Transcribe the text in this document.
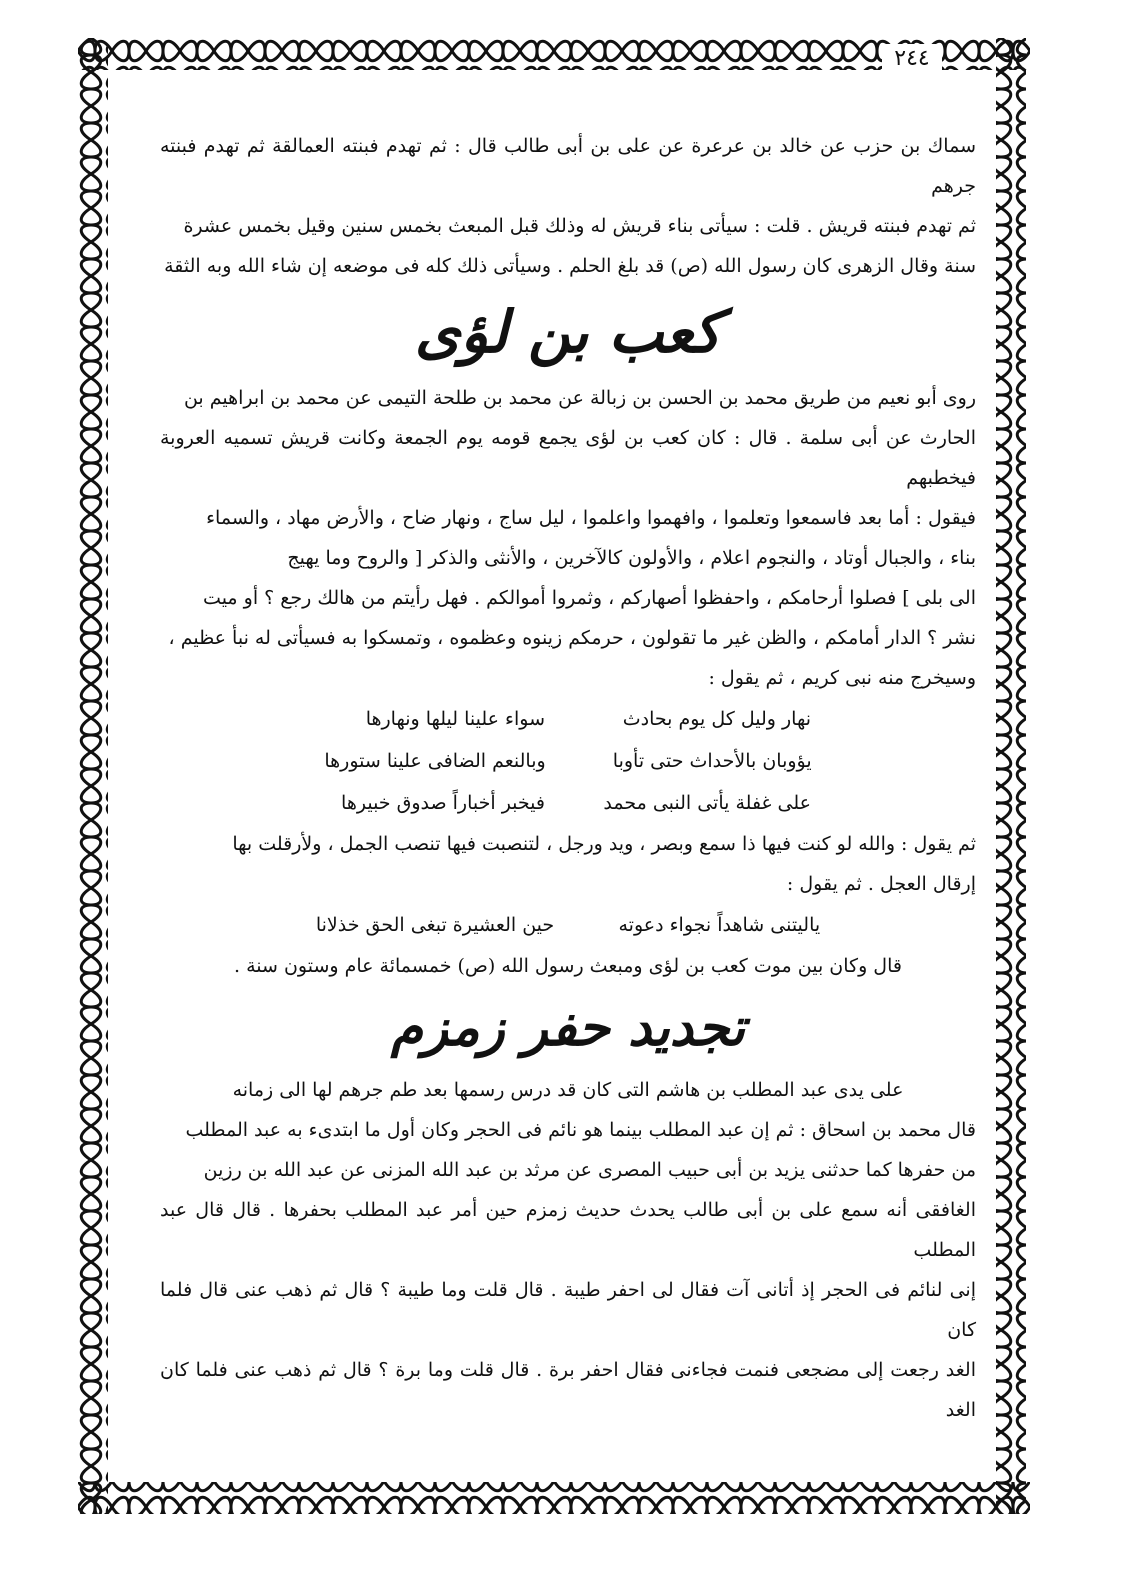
٢٤٤

سماك بن حزب عن خالد بن عرعرة عن على بن أبى طالب قال : ثم تهدم فبنته العمالقة ثم تهدم فبنته جرهم

ثم تهدم فبنته قريش . قلت : سيأتى بناء قريش له وذلك قبل المبعث بخمس سنين وقيل بخمس عشرة

سنة وقال الزهرى كان رسول الله (ص) قد بلغ الحلم . وسيأتى ذلك كله فى موضعه إن شاء الله وبه الثقة

كعب بن لؤى

روى أبو نعيم من طريق محمد بن الحسن بن زبالة عن محمد بن طلحة التيمى عن محمد بن ابراهيم بن

الحارث عن أبى سلمة . قال : كان كعب بن لؤى يجمع قومه يوم الجمعة وكانت قريش تسميه العروبة فيخطبهم

فيقول : أما بعد فاسمعوا وتعلموا ، وافهموا واعلموا ، ليل ساج ، ونهار ضاح ، والأرض مهاد ، والسماء

بناء ، والجبال أوتاد ، والنجوم اعلام ، والأولون كالآخرين ، والأنثى والذكر [ والروح وما يهيج

الى بلى ] فصلوا أرحامكم ، واحفظوا أصهاركم ، وثمروا أموالكم . فهل رأيتم من هالك رجع ؟ أو ميت

نشر ؟ الدار أمامكم ، والظن غير ما تقولون ، حرمكم زينوه وعظموه ، وتمسكوا به فسيأتى له نبأ عظيم ،

وسيخرج منه نبى كريم ، ثم يقول :

نهار وليل كل يوم بحادث
سواء علينا ليلها ونهارها
يؤوبان بالأحداث حتى تأوبا
وبالنعم الضافى علينا ستورها
على غفلة يأتى النبى محمد
فيخبر أخباراً صدوق خبيرها

ثم يقول : والله لو كنت فيها ذا سمع وبصر ، ويد ورجل ، لتنصبت فيها تنصب الجمل ، ولأرقلت بها

إرقال العجل . ثم يقول :

ياليتنى شاهداً نجواء دعوته
حين العشيرة تبغى الحق خذلانا

قال وكان بين موت كعب بن لؤى ومبعث رسول الله (ص) خمسمائة عام وستون سنة .

تجديد حفر زمزم

على يدى عبد المطلب بن هاشم التى كان قد درس رسمها بعد طم جرهم لها الى زمانه

قال محمد بن اسحاق : ثم إن عبد المطلب بينما هو نائم فى الحجر وكان أول ما ابتدىء به عبد المطلب

من حفرها كما حدثنى يزيد بن أبى حبيب المصرى عن مرثد بن عبد الله المزنى عن عبد الله بن رزين

الغافقى أنه سمع على بن أبى طالب يحدث حديث زمزم حين أمر عبد المطلب بحفرها . قال قال عبد المطلب

إنى لنائم فى الحجر إذ أتانى آت فقال لى احفر طيبة . قال قلت وما طيبة ؟ قال ثم ذهب عنى قال فلما كان

الغد رجعت إلى مضجعى فنمت فجاءنى فقال احفر برة . قال قلت وما برة ؟ قال ثم ذهب عنى فلما كان الغد
